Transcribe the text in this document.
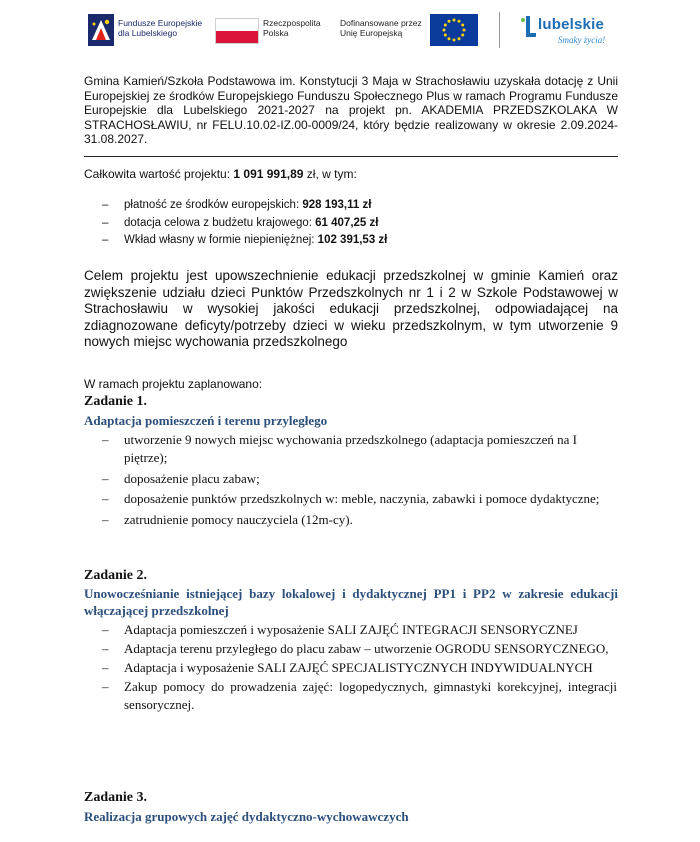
Fundusze Europejskie dla Lubelskiego
Rzeczpospolita Polska
Dofinansowane przez Unię Europejską	lubelskie
Smaky życia!

Gmina Kamień/Szkoła Podstawowa im. Konstytucji 3 Maja w Strachosławiu uzyskała dotację z Unii Europejskiej ze środków Europejskiego Funduszu Społecznego Plus w ramach Programu Fundusze Europejskie dla Lubelskiego 2021-2027 na projekt pn. AKADEMIA PRZEDSZKOLAKA W STRACHOSŁAWIU, nr FELU.10.02-IZ.00-0009/24, który będzie realizowany w okresie 2.09.2024-31.08.2027.

Całkowita wartość projektu: 1 091 991,89 zł, w tym:

– płatność ze środków europejskich: 928 193,11 zł
– dotacja celowa z budżetu krajowego: 61 407,25 zł
– Wkład własny w formie niepieniężnej: 102 391,53 zł

Celem projektu jest upowszechnienie edukacji przedszkolnej w gminie Kamień oraz zwiększenie udziału dzieci Punktów Przedszkolnych nr 1 i 2 w Szkole Podstawowej w Strachosławiu w wysokiej jakości edukacji przedszkolnej, odpowiadającej na zdiagnozowane deficyty/potrzeby dzieci w wieku przedszkolnym, w tym utworzenie 9 nowych miejsc wychowania przedszkolnego

W ramach projektu zaplanowano:

Zadanie 1.
Adaptacja pomieszczeń i terenu przyległego
– utworzenie 9 nowych miejsc wychowania przedszkolnego (adaptacja pomieszczeń na I piętrze);
– doposażenie placu zabaw;
– doposażenie punktów przedszkolnych w: meble, naczynia, zabawki i pomoce dydaktyczne;
– zatrudnienie pomocy nauczyciela (12m-cy).
Zadanie 2.
Unowocześnianie istniejącej bazy lokalowej i dydaktycznej PP1 i PP2 w zakresie edukacji włączającej przedszkolnej
– Adaptacja pomieszczeń i wyposażenie SALI ZAJĘĆ INTEGRACJI SENSORYCZNEJ
– Adaptacja terenu przyległego do placu zabaw – utworzenie OGRODU SENSORYCZNEGO,
– Adaptacja i wyposażenie SALI ZAJĘĆ SPECJALISTYCZNYCH INDYWIDUALNYCH
– Zakup pomocy do prowadzenia zajęć: logopedycznych, gimnastyki korekcyjnej, integracji sensorycznej.
Zadanie 3.
Realizacja grupowych zajęć dydaktyczno-wychowawczych
